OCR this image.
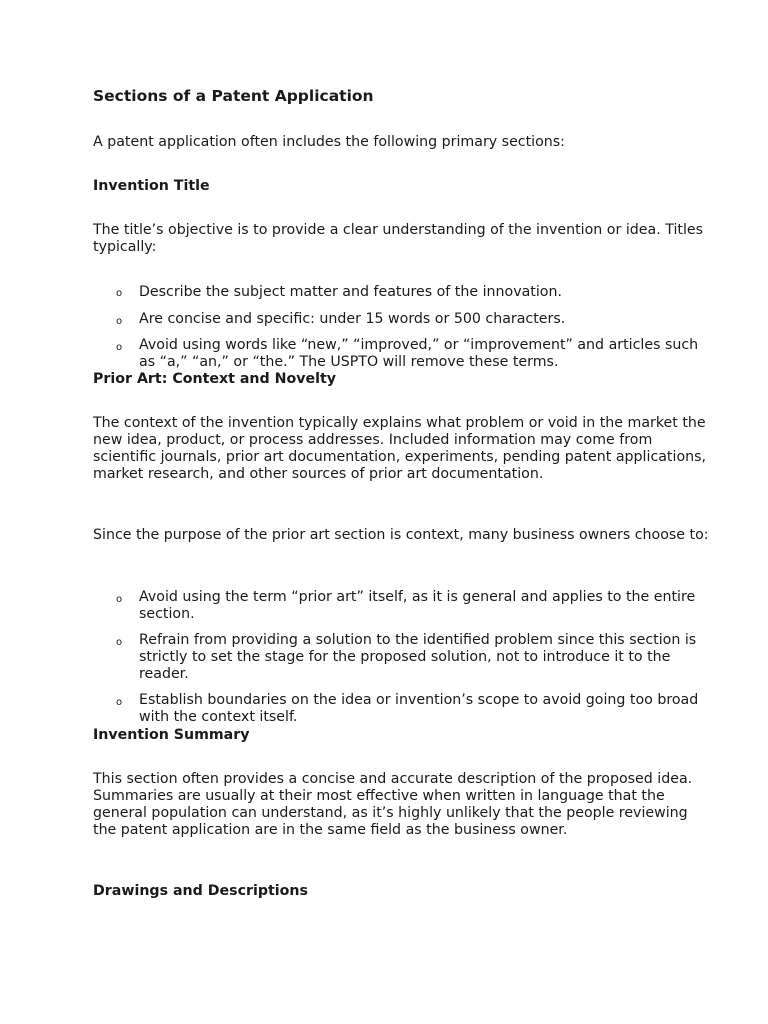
Sections of a Patent Application
A patent application often includes the following primary sections:
Invention Title
The title’s objective is to provide a clear understanding of the invention or idea. Titles typically:
o Describe the subject matter and features of the innovation.
o Are concise and specific: under 15 words or 500 characters.
o Avoid using words like “new,” “improved,” or “improvement” and articles such as “a,” “an,” or “the.” The USPTO will remove these terms.
Prior Art: Context and Novelty
The context of the invention typically explains what problem or void in the market the new idea, product, or process addresses. Included information may come from scientific journals, prior art documentation, experiments, pending patent applications, market research, and other sources of prior art documentation.
Since the purpose of the prior art section is context, many business owners choose to:
o Avoid using the term “prior art” itself, as it is general and applies to the entire section.
o Refrain from providing a solution to the identified problem since this section is strictly to set the stage for the proposed solution, not to introduce it to the reader.
o Establish boundaries on the idea or invention’s scope to avoid going too broad with the context itself.
Invention Summary
This section often provides a concise and accurate description of the proposed idea. Summaries are usually at their most effective when written in language that the general population can understand, as it’s highly unlikely that the people reviewing the patent application are in the same field as the business owner.
Drawings and Descriptions
